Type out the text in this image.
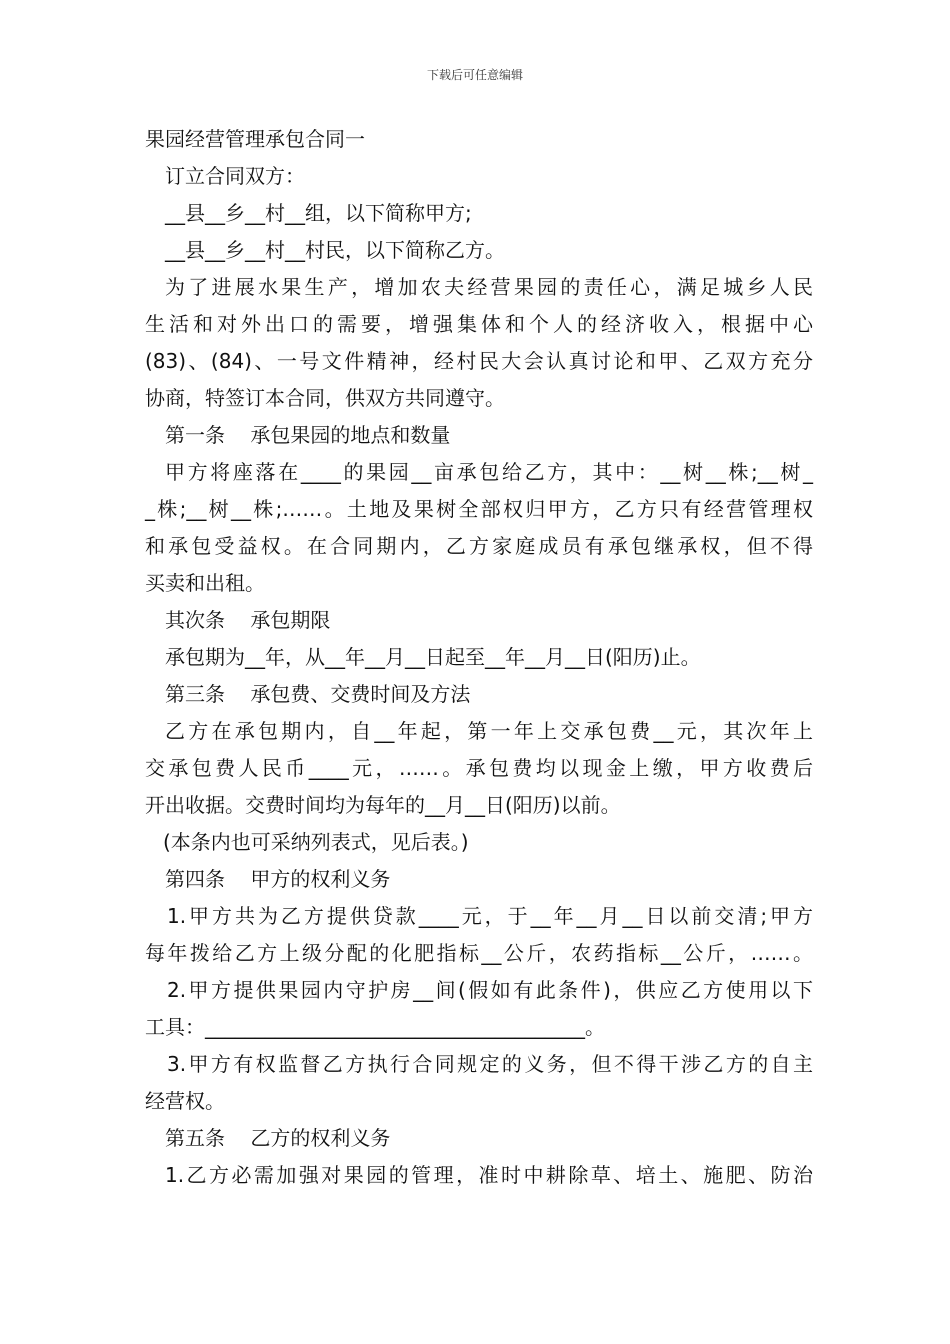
下载后可任意编辑
果园经营管理承包合同一
订立合同双方：
__县__乡__村__组，以下简称甲方;
__县__乡__村__村民，以下简称乙方。
为了进展水果生产，增加农夫经营果园的责任心，满足城乡人民
生活和对外出口的需要，增强集体和个人的经济收入，根据中心
(83)、(84)、一号文件精神，经村民大会认真讨论和甲、乙双方充分
协商，特签订本合同，供双方共同遵守。
第一条    承包果园的地点和数量
甲方将座落在____的果园__亩承包给乙方，其中：__树__株;__树_
_株;__树__株;……。土地及果树全部权归甲方，乙方只有经营管理权
和承包受益权。在合同期内，乙方家庭成员有承包继承权，但不得
买卖和出租。
其次条    承包期限
承包期为__年，从__年__月__日起至__年__月__日(阳历)止。
第三条    承包费、交费时间及方法
乙方在承包期内，自__年起，第一年上交承包费__元，其次年上
交承包费人民币____元，……。承包费均以现金上缴，甲方收费后
开出收据。交费时间均为每年的__月__日(阳历)以前。
(本条内也可采纳列表式，见后表。)
第四条    甲方的权利义务
1.甲方共为乙方提供贷款____元，于__年__月__日以前交清;甲方
每年拨给乙方上级分配的化肥指标__公斤，农药指标__公斤，……。
2.甲方提供果园内守护房__间(假如有此条件)，供应乙方使用以下
工具：______________________________________。
3.甲方有权监督乙方执行合同规定的义务，但不得干涉乙方的自主
经营权。
第五条    乙方的权利义务
1.乙方必需加强对果园的管理，准时中耕除草、培土、施肥、防治
